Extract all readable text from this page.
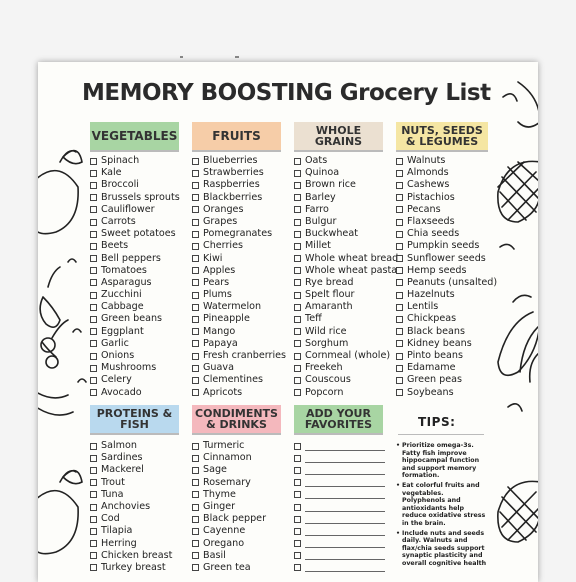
MEMORY BOOSTING Grocery List
VEGETABLES	FRUITS	WHOLE
GRAINS
NUTS, SEEDS
& LEGUMES
Spinach
Kale
Broccoli
Brussels sprouts
Cauliflower
Carrots
Sweet potatoes
Beets
Bell peppers
Tomatoes
Asparagus
Zucchini
Cabbage
Green beans
Eggplant
Garlic
Onions
Mushrooms
Celery
Avocado
Blueberries
Strawberries
Raspberries
Blackberries
Oranges
Grapes
Pomegranates
Cherries
Kiwi
Apples
Pears
Plums
Watermelon
Pineapple
Mango
Papaya
Fresh cranberries
Guava
Clementines
Apricots
Oats
Quinoa
Brown rice
Barley
Farro
Bulgur
Buckwheat
Millet
Whole wheat bread
Whole wheat pasta
Rye bread
Spelt flour
Amaranth
Teff
Wild rice
Sorghum
Cornmeal (whole)
Freekeh
Couscous
Popcorn
Walnuts
Almonds
Cashews
Pistachios
Pecans
Flaxseeds
Chia seeds
Pumpkin seeds
Sunflower seeds
Hemp seeds
Peanuts (unsalted)
Hazelnuts
Lentils
Chickpeas
Black beans
Kidney beans
Pinto beans
Edamame
Green peas
Soybeans
PROTEINS &
FISH
CONDIMENTS
& DRINKS
ADD YOUR
FAVORITES
Salmon
Sardines
Mackerel
Trout
Tuna
Anchovies
Cod
Tilapia
Herring
Chicken breast
Turkey breast
Turmeric
Cinnamon
Sage
Rosemary
Thyme
Ginger
Black pepper
Cayenne
Oregano
Basil
Green tea
TIPS:
• Prioritize omega-3s. Fatty fish improve hippocampal function and support memory formation.
• Eat colorful fruits and vegetables. Polyphenols and antioxidants help reduce oxidative stress in the brain.
• Include nuts and seeds daily. Walnuts and flax/chia seeds support synaptic plasticity and overall cognitive health
